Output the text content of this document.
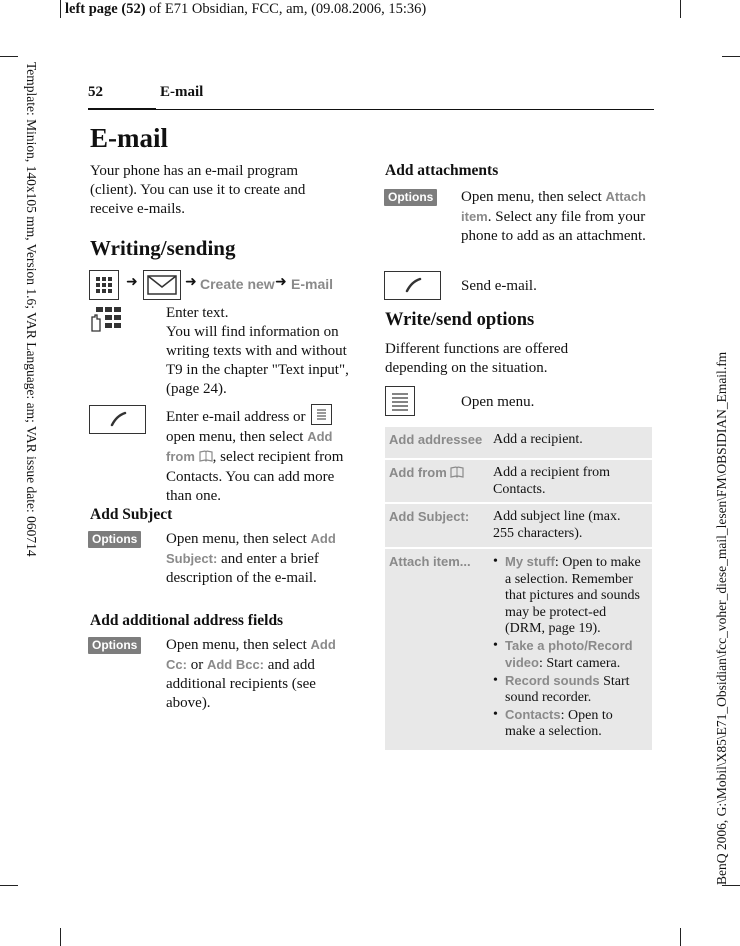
left page (52) of E71 Obsidian, FCC, am, (09.08.2006, 15:36)
Template: Minion, 140x105 mm, Version 1.6; VAR Language: am; VAR issue date: 060714
BenQ 2006, G:\Mobil\X85\E71_Obsidian\fcc_voher_diese_mail_lesen\FM\OBSIDIAN_Email.fm
52	E-mail
E-mail
Your phone has an e-mail program (client). You can use it to create and receive e-mails.
Writing/sending
➜	➜ Create new ➜ E-mail
Enter text.
You will find information on writing texts with and without T9 in the chapter "Text input", (page 24).
Enter e-mail address or
open menu, then select Add from , select recipient from Contacts. You can add more than one.
Add Subject
Options Open menu, then select Add Subject: and enter a brief description of the e-mail.
Add additional address fields
Options Open menu, then select Add Cc: or Add Bcc: and add additional recipients (see above).
Add attachments
Options Open menu, then select Attach item. Select any file from your phone to add as an attachment.
Send e-mail.
Write/send options
Different functions are offered depending on the situation.
Open menu.
Add addressee Add a recipient.
Add from	Add a recipient from Contacts.
Add Subject: Add subject line (max. 255 characters).
Attach item...
•	My stuff: Open to make a selection. Remember that pictures and sounds may be protect-ed (DRM, page 19).
• Take a photo/Record video: Start camera.
• Record sounds Start sound recorder.
• Contacts: Open to make a selection.
